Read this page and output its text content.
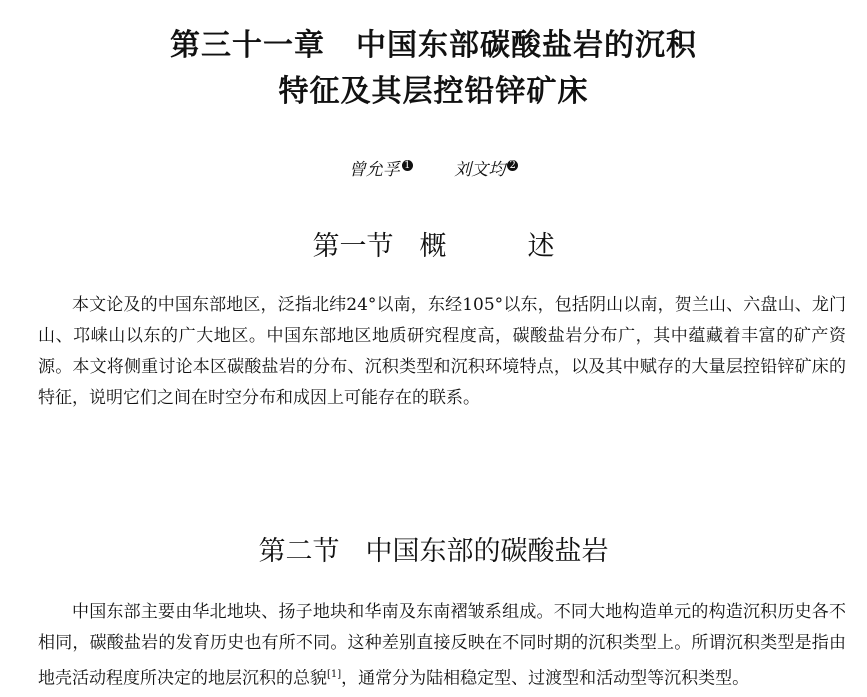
第三十一章　中国东部碳酸盐岩的沉积
特征及其层控铅锌矿床
曾允孚 $^1$	刘文均 $^2$
第一节 概　　　述

本文论及的中国东部地区，泛指北纬24°以南，东经105°以东，包括阴山以南，贺兰山、六盘山、龙门山、邛崃山以东的广大地区。中国东部地区地质研究程度高，碳酸盐岩分布广，其中蕴藏着丰富的矿产资源。本文将侧重讨论本区碳酸盐岩的分布、沉积类型和沉积环境特点，以及其中赋存的大量层控铅锌矿床的特征，说明它们之间在时空分布和成因上可能存在的联系。

第二节 中国东部的碳酸盐岩

中国东部主要由华北地块、扬子地块和华南及东南褶皱系组成。不同大地构造单元的构造沉积历史各不相同，碳酸盐岩的发育历史也有所不同。这种差别直接反映在不同时期的沉积类型上。所谓沉积类型是指由地壳活动程度所决定的地层沉积的总貌[1]，通常分为陆相稳定型、过渡型和活动型等沉积类型。
